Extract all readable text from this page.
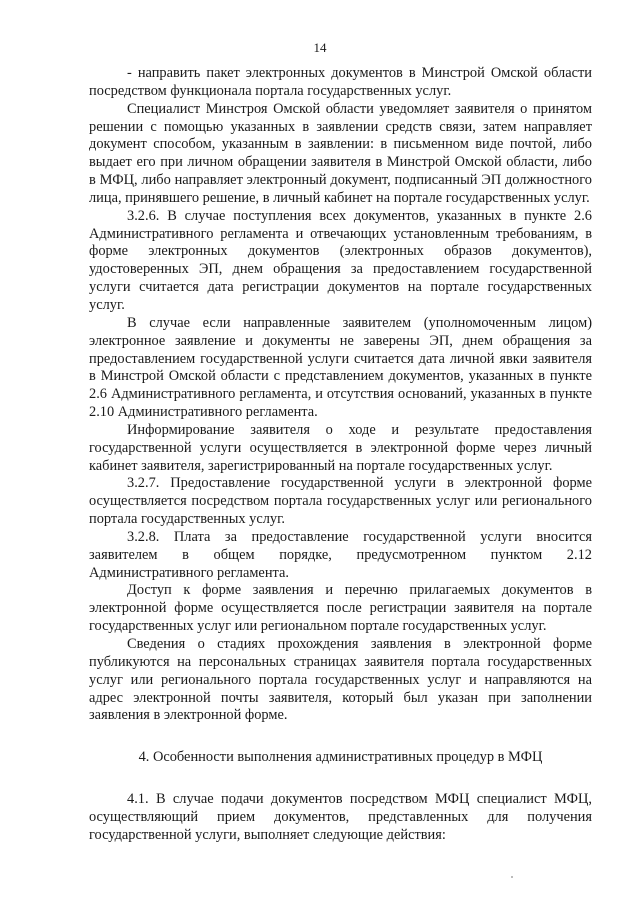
14

- направить пакет электронных документов в Минстрой Омской области посредством функционала портала государственных услуг.

Специалист Минстроя Омской области уведомляет заявителя о принятом решении с помощью указанных в заявлении средств связи, затем направляет документ способом, указанным в заявлении: в письменном виде почтой, либо выдает его при личном обращении заявителя в Минстрой Омской области, либо в МФЦ, либо направляет электронный документ, подписанный ЭП должностного лица, принявшего решение, в личный кабинет на портале государственных услуг.

3.2.6. В случае поступления всех документов, указанных в пункте 2.6 Административного регламента и отвечающих установленным требованиям, в форме электронных документов (электронных образов документов), удостоверенных ЭП, днем обращения за предоставлением государственной услуги считается дата регистрации документов на портале государственных услуг.

В случае если направленные заявителем (уполномоченным лицом) электронное заявление и документы не заверены ЭП, днем обращения за предоставлением государственной услуги считается дата личной явки заявителя в Минстрой Омской области с представлением документов, указанных в пункте 2.6 Административного регламента, и отсутствия оснований, указанных в пункте 2.10 Административного регламента.

Информирование заявителя о ходе и результате предоставления государственной услуги осуществляется в электронной форме через личный кабинет заявителя, зарегистрированный на портале государственных услуг.

3.2.7. Предоставление государственной услуги в электронной форме осуществляется посредством портала государственных услуг или регионального портала государственных услуг.

3.2.8. Плата за предоставление государственной услуги вносится заявителем в общем порядке, предусмотренном пунктом 2.12 Административного регламента.

Доступ к форме заявления и перечню прилагаемых документов в электронной форме осуществляется после регистрации заявителя на портале государственных услуг или региональном портале государственных услуг.

Сведения о стадиях прохождения заявления в электронной форме публикуются на персональных страницах заявителя портала государственных услуг или регионального портала государственных услуг и направляются на адрес электронной почты заявителя, который был указан при заполнении заявления в электронной форме.

4. Особенности выполнения административных процедур в МФЦ

4.1. В случае подачи документов посредством МФЦ специалист МФЦ, осуществляющий прием документов, представленных для получения государственной услуги, выполняет следующие действия:
